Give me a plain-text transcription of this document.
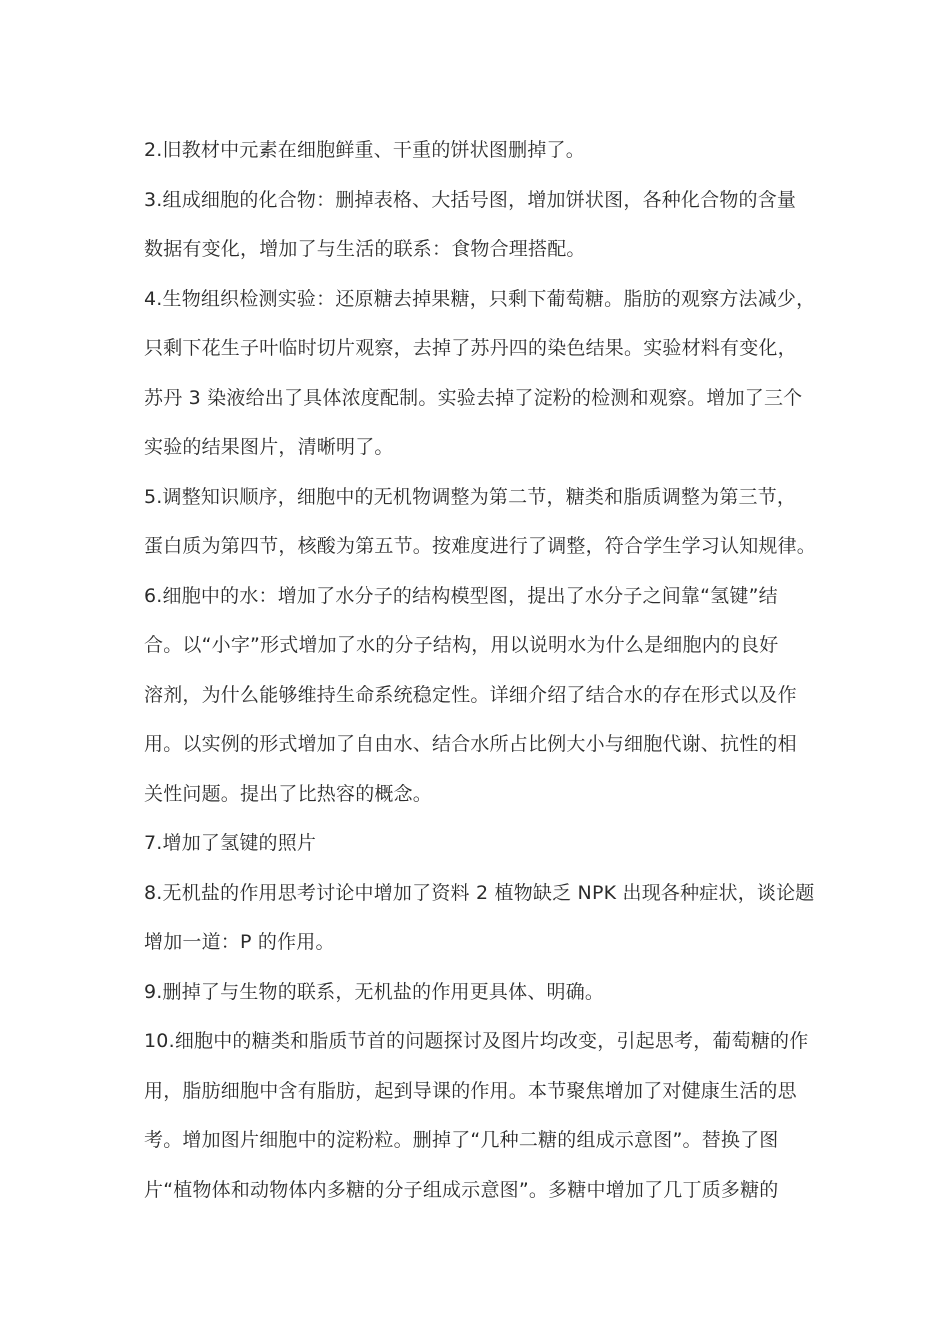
2.旧教材中元素在细胞鲜重、干重的饼状图删掉了。
3.组成细胞的化合物：删掉表格、大括号图，增加饼状图，各种化合物的含量
数据有变化，增加了与生活的联系：食物合理搭配。
4.生物组织检测实验：还原糖去掉果糖，只剩下葡萄糖。脂肪的观察方法减少，
只剩下花生子叶临时切片观察，去掉了苏丹四的染色结果。实验材料有变化，
苏丹 3 染液给出了具体浓度配制。实验去掉了淀粉的检测和观察。增加了三个
实验的结果图片，清晰明了。
5.调整知识顺序，细胞中的无机物调整为第二节，糖类和脂质调整为第三节，
蛋白质为第四节，核酸为第五节。按难度进行了调整，符合学生学习认知规律。
6.细胞中的水：增加了水分子的结构模型图，提出了水分子之间靠“氢键”结
合。以“小字”形式增加了水的分子结构，用以说明水为什么是细胞内的良好
溶剂，为什么能够维持生命系统稳定性。详细介绍了结合水的存在形式以及作
用。以实例的形式增加了自由水、结合水所占比例大小与细胞代谢、抗性的相
关性问题。提出了比热容的概念。
7.增加了氢键的照片
8.无机盐的作用思考讨论中增加了资料 2 植物缺乏 NPK 出现各种症状，谈论题
增加一道：P 的作用。
9.删掉了与生物的联系，无机盐的作用更具体、明确。
10.细胞中的糖类和脂质节首的问题探讨及图片均改变，引起思考，葡萄糖的作
用，脂肪细胞中含有脂肪，起到导课的作用。本节聚焦增加了对健康生活的思
考。增加图片细胞中的淀粉粒。删掉了“几种二糖的组成示意图”。替换了图
片“植物体和动物体内多糖的分子组成示意图”。多糖中增加了几丁质多糖的
